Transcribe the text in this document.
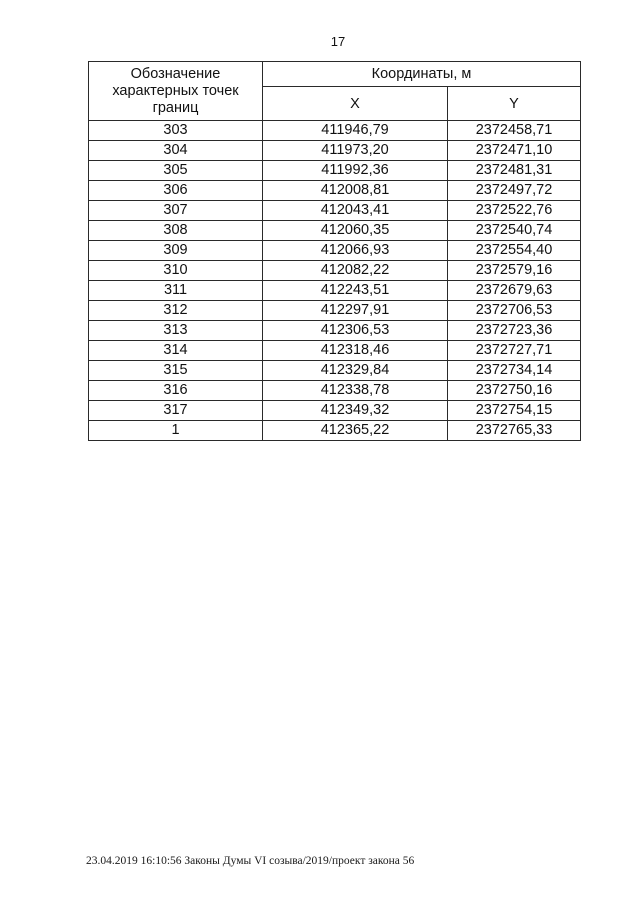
17
Обозначение характерных точек границ	Координаты, м	
	X	Y
303	411946,79	2372458,71
304	411973,20	2372471,10
305	411992,36	2372481,31
306	412008,81	2372497,72
307	412043,41	2372522,76
308	412060,35	2372540,74
309	412066,93	2372554,40
310	412082,22	2372579,16
311	412243,51	2372679,63
312	412297,91	2372706,53
313	412306,53	2372723,36
314	412318,46	2372727,71
315	412329,84	2372734,14
316	412338,78	2372750,16
317	412349,32	2372754,15
1	412365,22	2372765,33
23.04.2019 16:10:56 Законы Думы VI созыва/2019/проект закона 56
